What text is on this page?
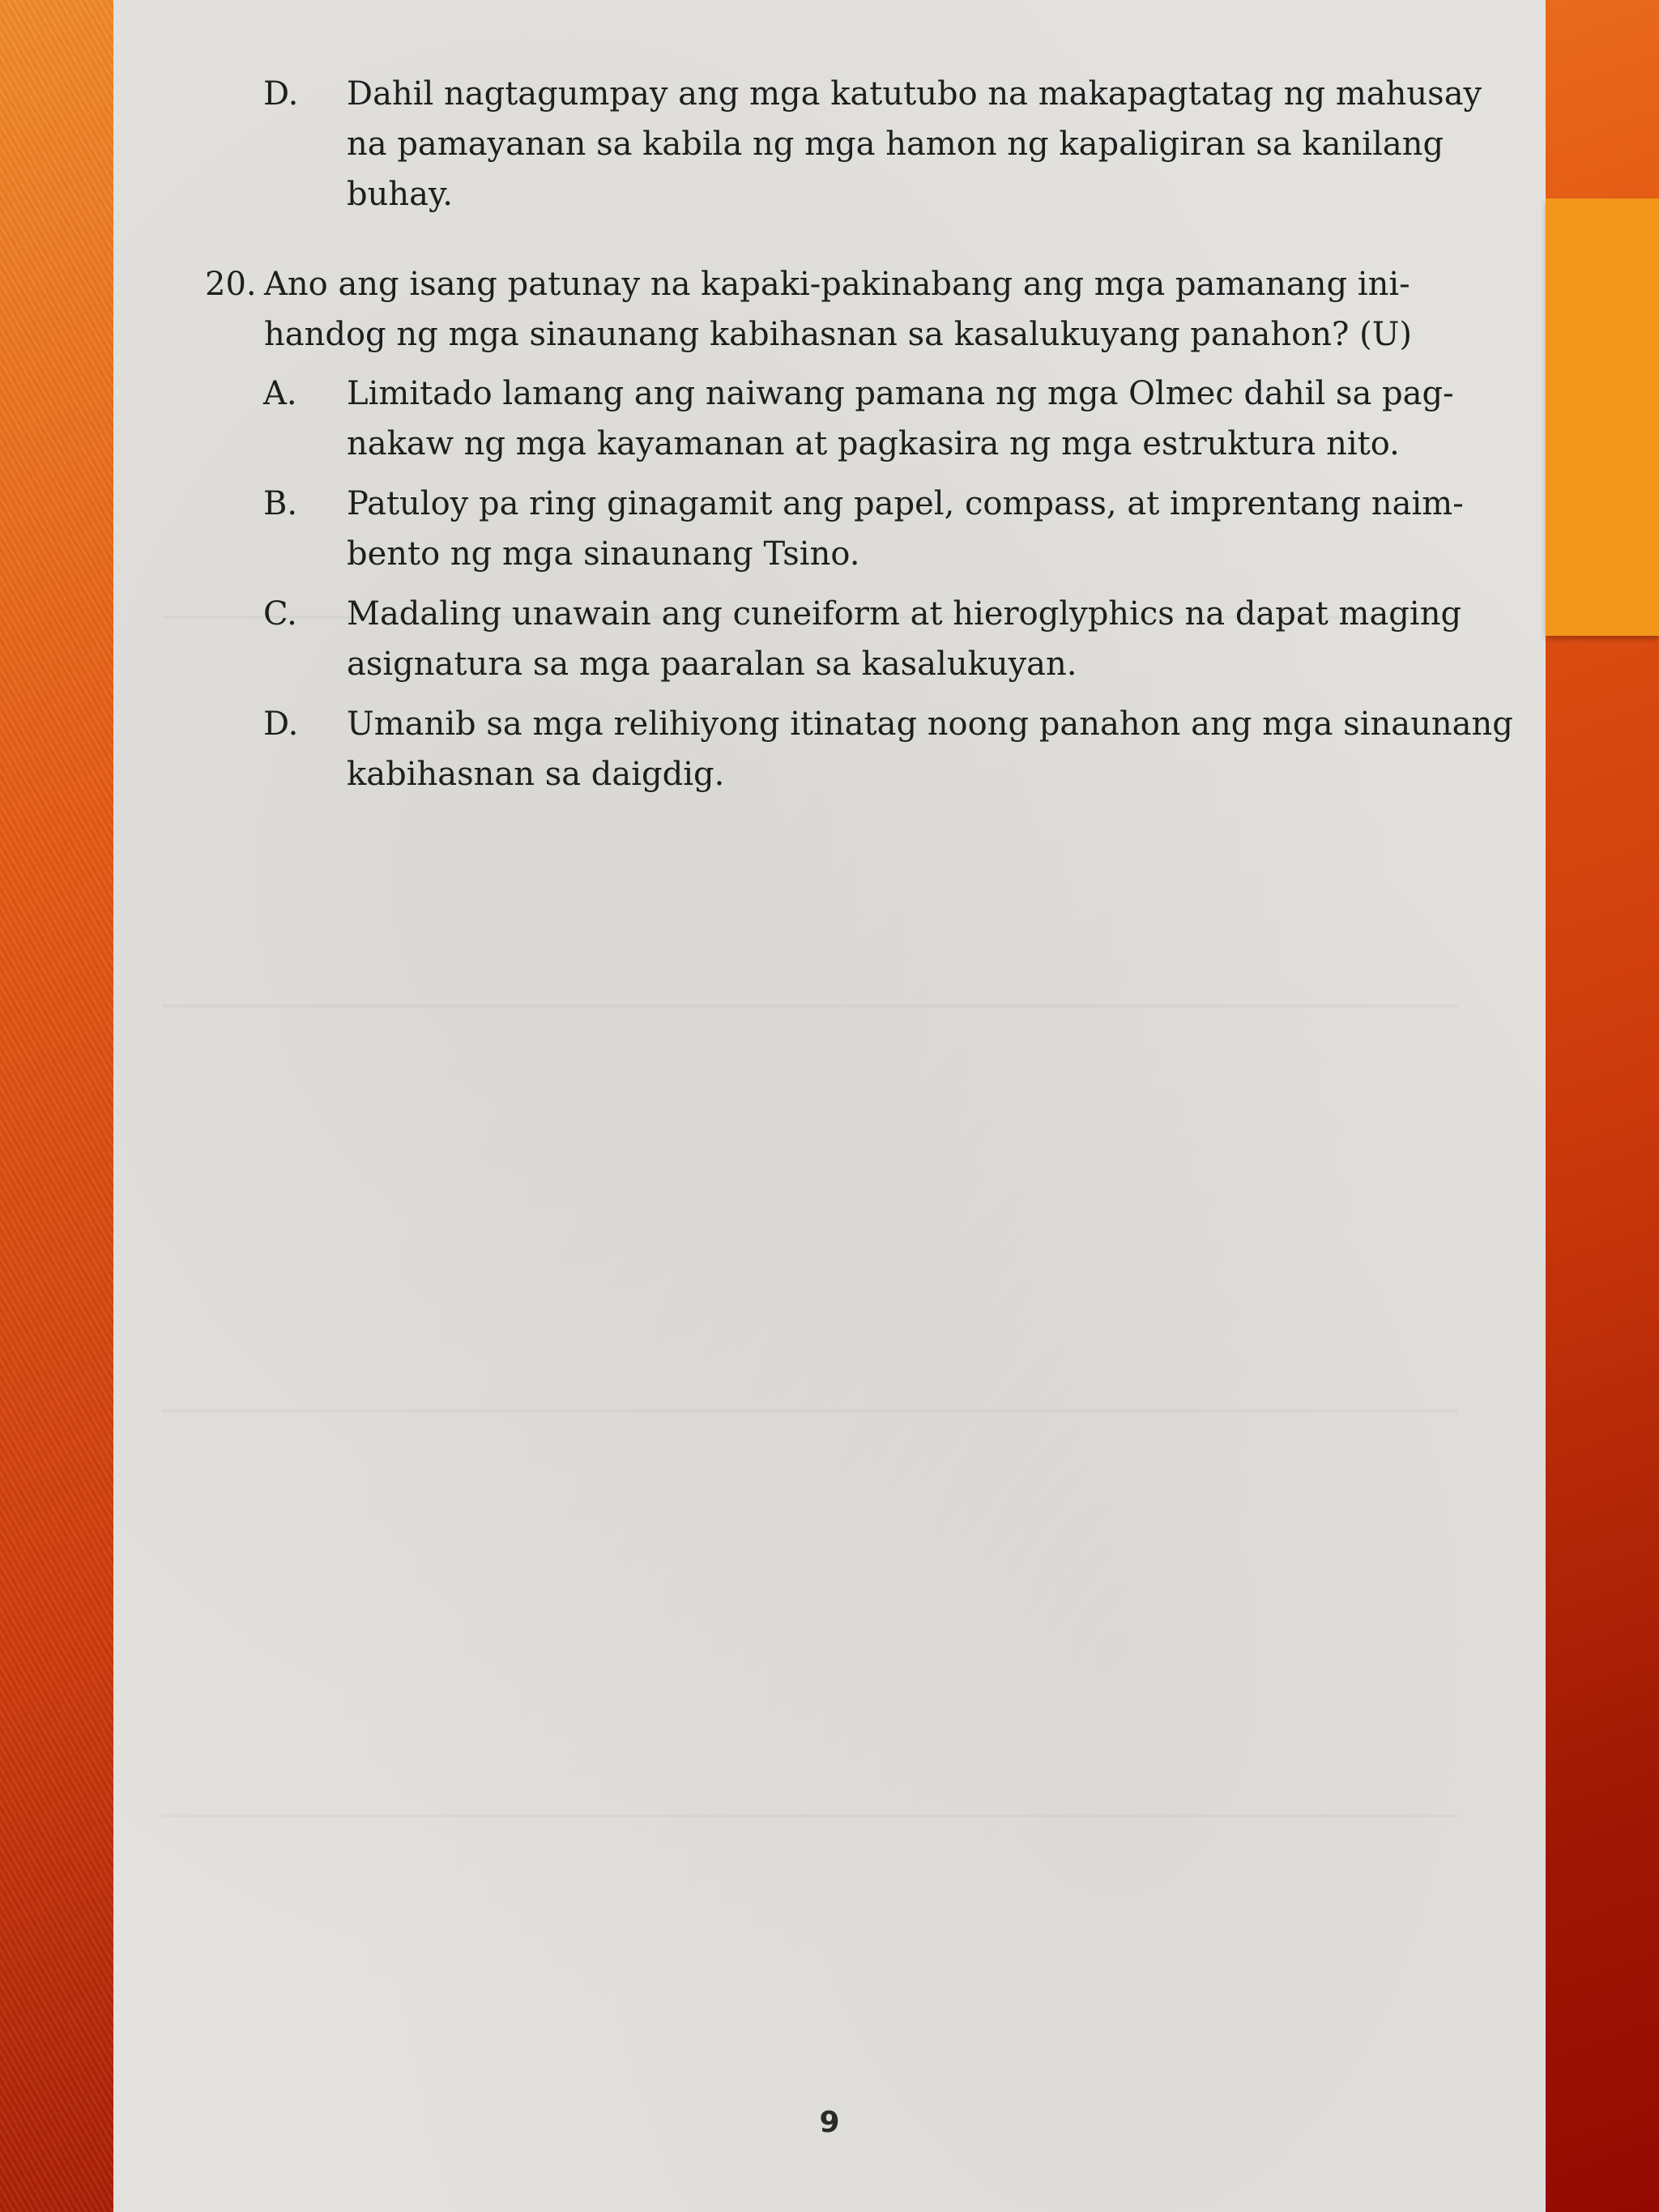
D. Dahil nagtagumpay ang mga katutubo na makapagtatag ng mahusay
na pamayanan sa kabila ng mga hamon ng kapaligiran sa kanilang
buhay.
20. Ano ang isang patunay na kapaki-pakinabang ang mga pamanang ini-
handog ng mga sinaunang kabihasnan sa kasalukuyang panahon? (U)
A. Limitado lamang ang naiwang pamana ng mga Olmec dahil sa pag-
nakaw ng mga kayamanan at pagkasira ng mga estruktura nito.
B. Patuloy pa ring ginagamit ang papel, compass, at imprentang naim-
bento ng mga sinaunang Tsino.
C. Madaling unawain ang cuneiform at hieroglyphics na dapat maging
asignatura sa mga paaralan sa kasalukuyan.
D. Umanib sa mga relihiyong itinatag noong panahon ang mga sinaunang
kabihasnan sa daigdig.
9
